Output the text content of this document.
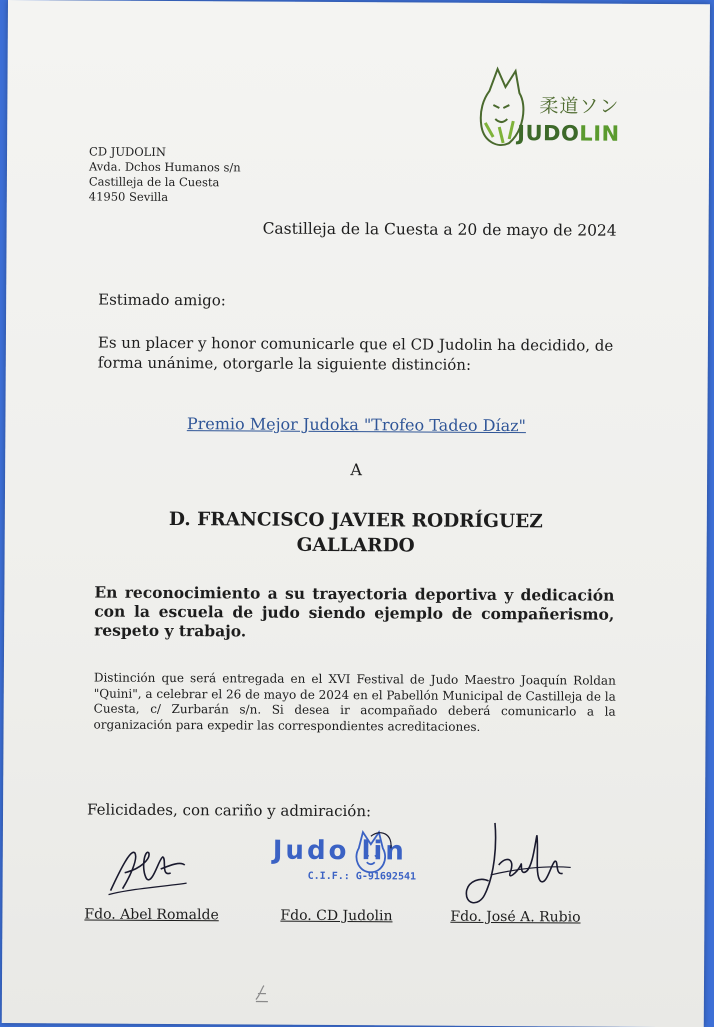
柔道ソン
JUDOLIN
CD JUDOLIN
Avda. Dchos Humanos s/n
Castilleja de la Cuesta
41950 Sevilla
Castilleja de la Cuesta a 20 de mayo de 2024
Estimado amigo:
Es un placer y honor comunicarle que el CD Judolin ha decidido, de forma unánime, otorgarle la siguiente distinción:
Premio Mejor Judoka "Trofeo Tadeo Díaz"
A
D. FRANCISCO JAVIER RODRÍGUEZ
GALLARDO
En reconocimiento a su trayectoria deportiva y dedicación con la escuela de judo siendo ejemplo de compañerismo, respeto y trabajo.
Distinción que será entregada en el XVI Festival de Judo Maestro Joaquín Roldan "Quini", a celebrar el 26 de mayo de 2024 en el Pabellón Municipal de Castilleja de la Cuesta, c/ Zurbarán s/n. Si desea ir acompañado deberá comunicarlo a la organización para expedir las correspondientes acreditaciones.
Felicidades, con cariño y admiración:
Judo lin
C.I.F.: G-91692541
Fdo. Abel Romalde	Fdo. CD Judolin	Fdo. José A. Rubio
